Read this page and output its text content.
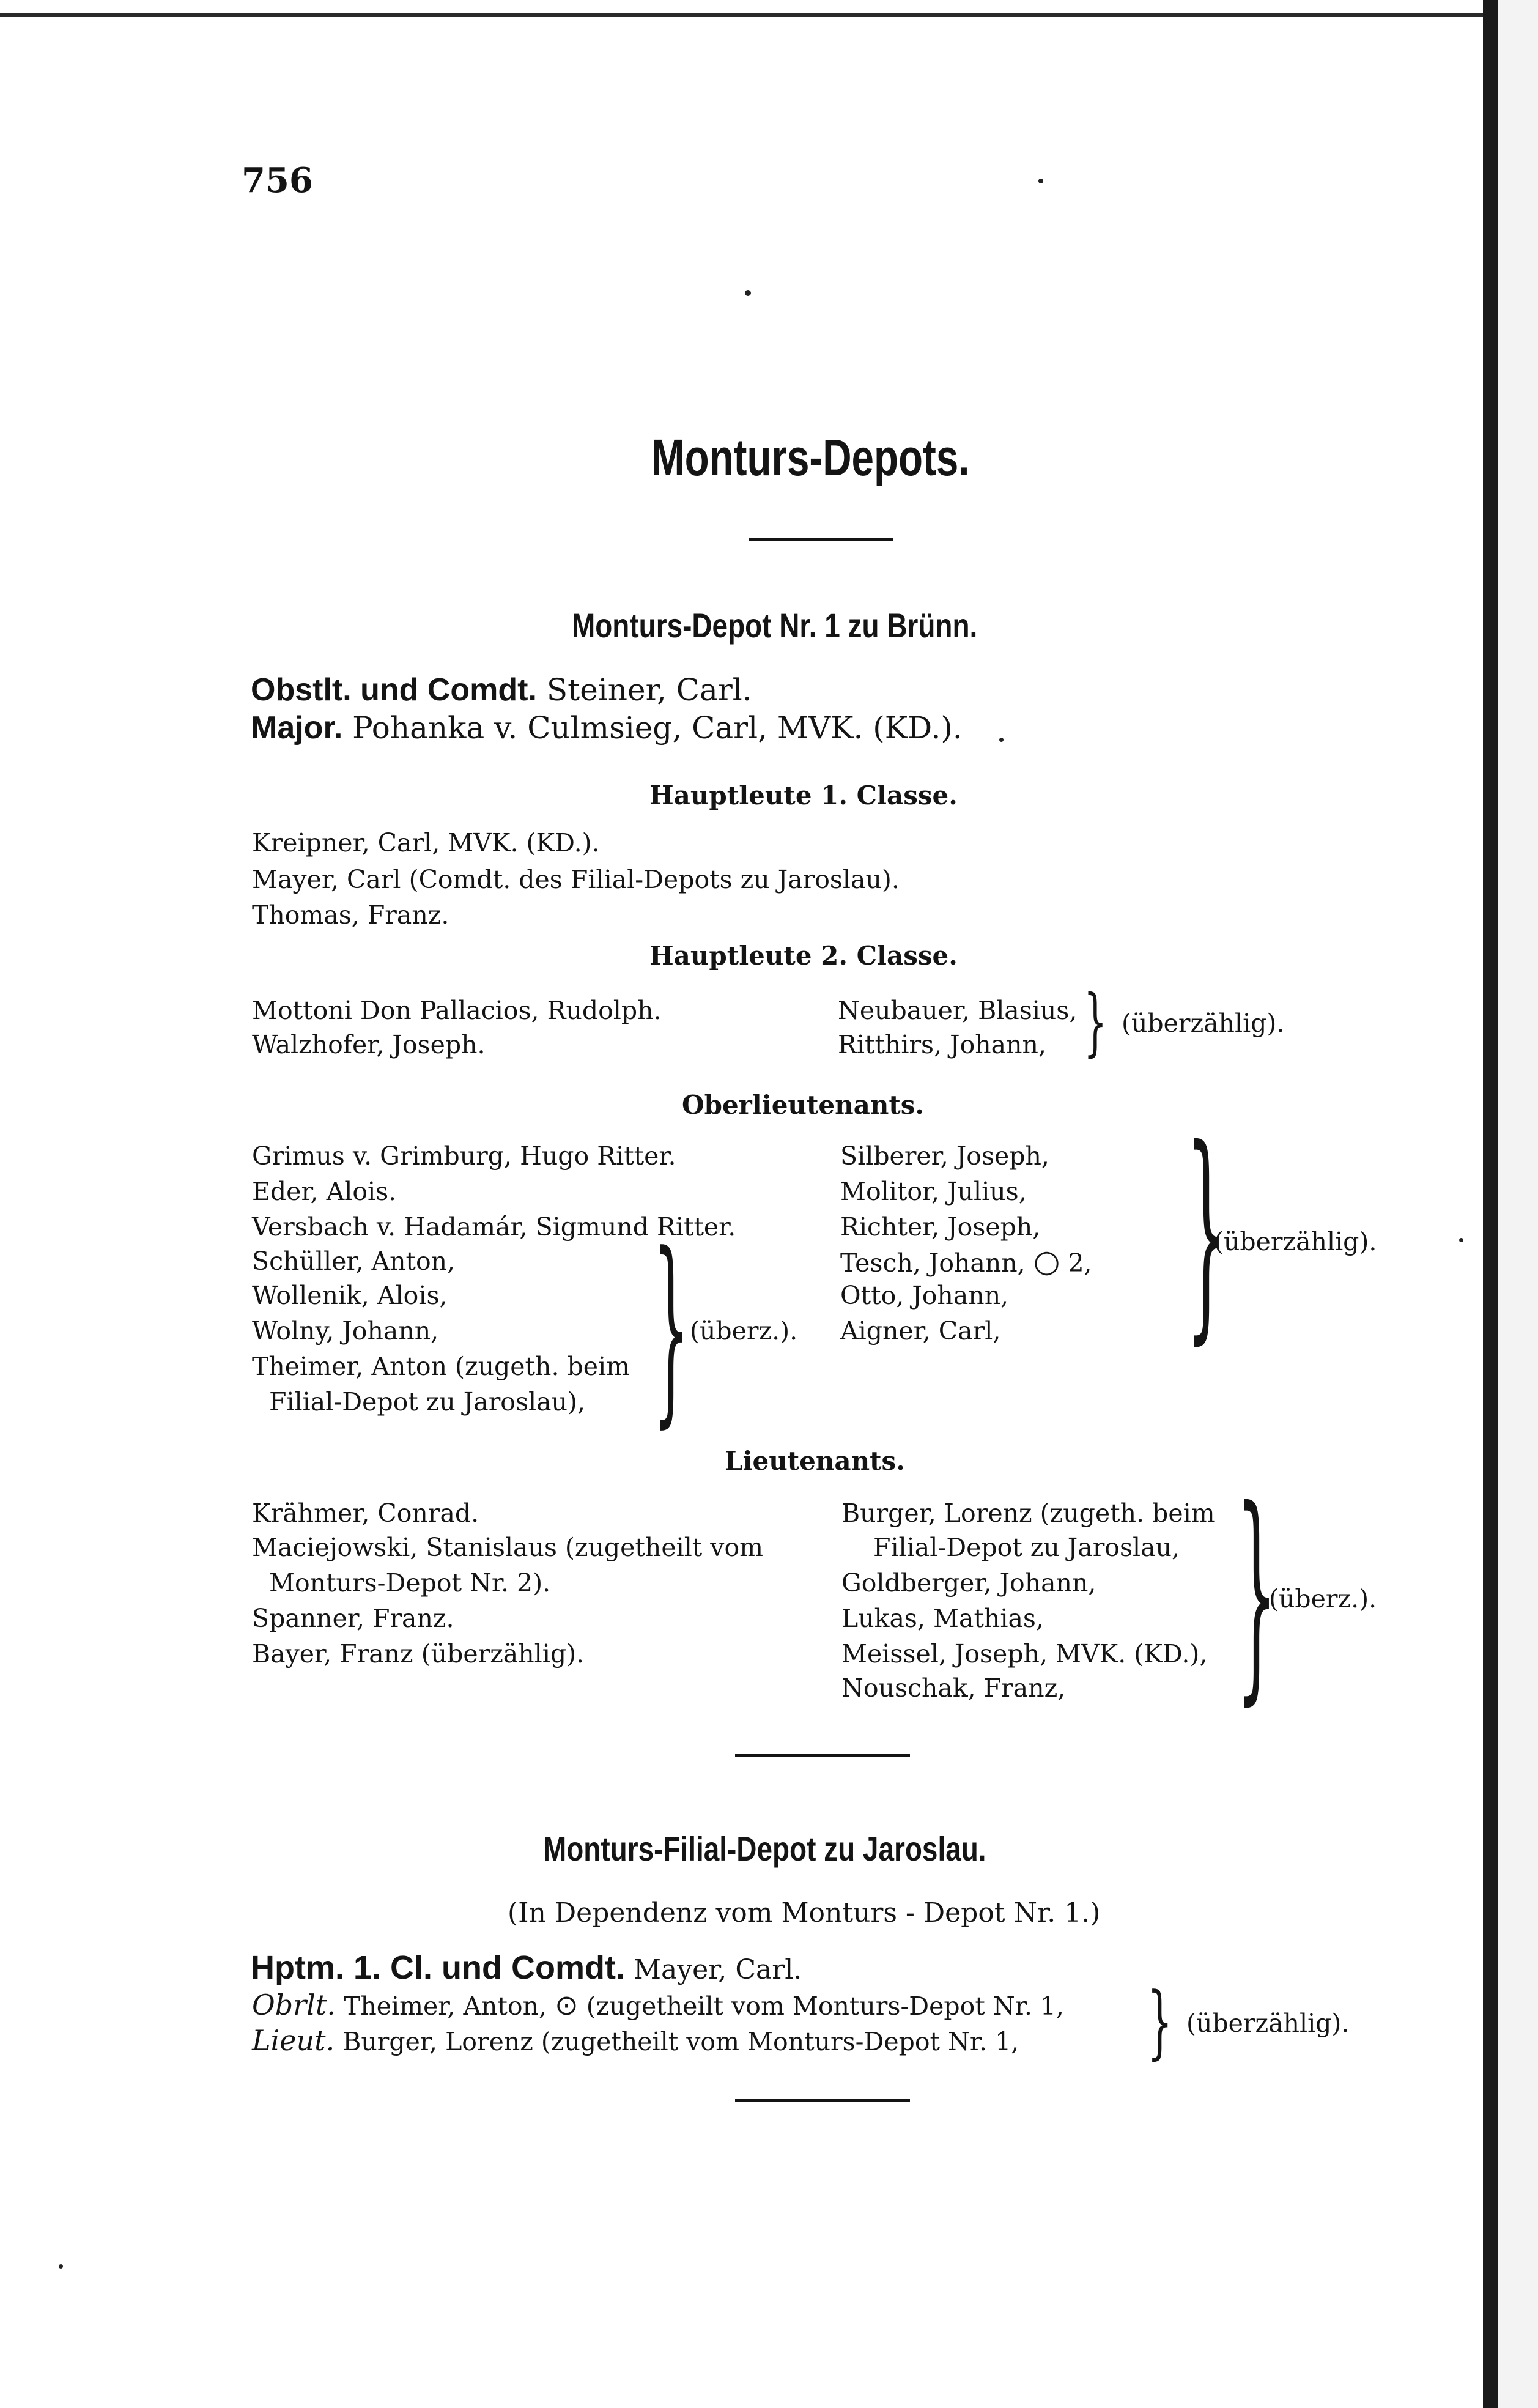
756
Monturs-Depots.
Monturs-Depot Nr. 1 zu Brünn.
Obstlt. und Comdt. Steiner, Carl.
Major. Pohanka v. Culmsieg, Carl, MVK. (KD.).
Hauptleute 1. Classe.
Kreipner, Carl, MVK. (KD.).
Mayer, Carl (Comdt. des Filial-Depots zu Jaroslau).
Thomas, Franz.
Hauptleute 2. Classe.
Mottoni Don Pallacios, Rudolph.
Walzhofer, Joseph.
Neubauer, Blasius,
Ritthirs, Johann, } (überzählig).
Oberlieutenants.
Grimus v. Grimburg, Hugo Ritter.
Eder, Alois.
Versbach v. Hadamár, Sigmund Ritter.
Schüller, Anton,
Wollenik, Alois,
Wolny, Johann,
Theimer, Anton (zugeth. beim
Filial-Depot zu Jaroslau), } (überz.).
Silberer, Joseph,
Molitor, Julius,
Richter, Joseph,
Tesch, Johann, ○ 2,
Otto, Johann,
Aigner, Carl, }
(überzählig).
Lieutenants.
Krähmer, Conrad.
Maciejowski, Stanislaus (zugetheilt vom
Monturs-Depot Nr. 2).
Spanner, Franz.
Bayer, Franz (überzählig).
Burger, Lorenz (zugeth. beim
Filial-Depot zu Jaroslau,
Goldberger, Johann,
Lukas, Mathias,
Meissel, Joseph, MVK. (KD.),
Nouschak, Franz, }
(überz.).
Monturs-Filial-Depot zu Jaroslau.
(In Dependenz vom Monturs - Depot Nr. 1.)
Hptm. 1. Cl. und Comdt. Mayer, Carl.
Obrlt. Theimer, Anton, ⊙ (zugetheilt vom Monturs-Depot Nr. 1,
Lieut. Burger, Lorenz (zugetheilt vom Monturs-Depot Nr. 1, } (überzählig).
